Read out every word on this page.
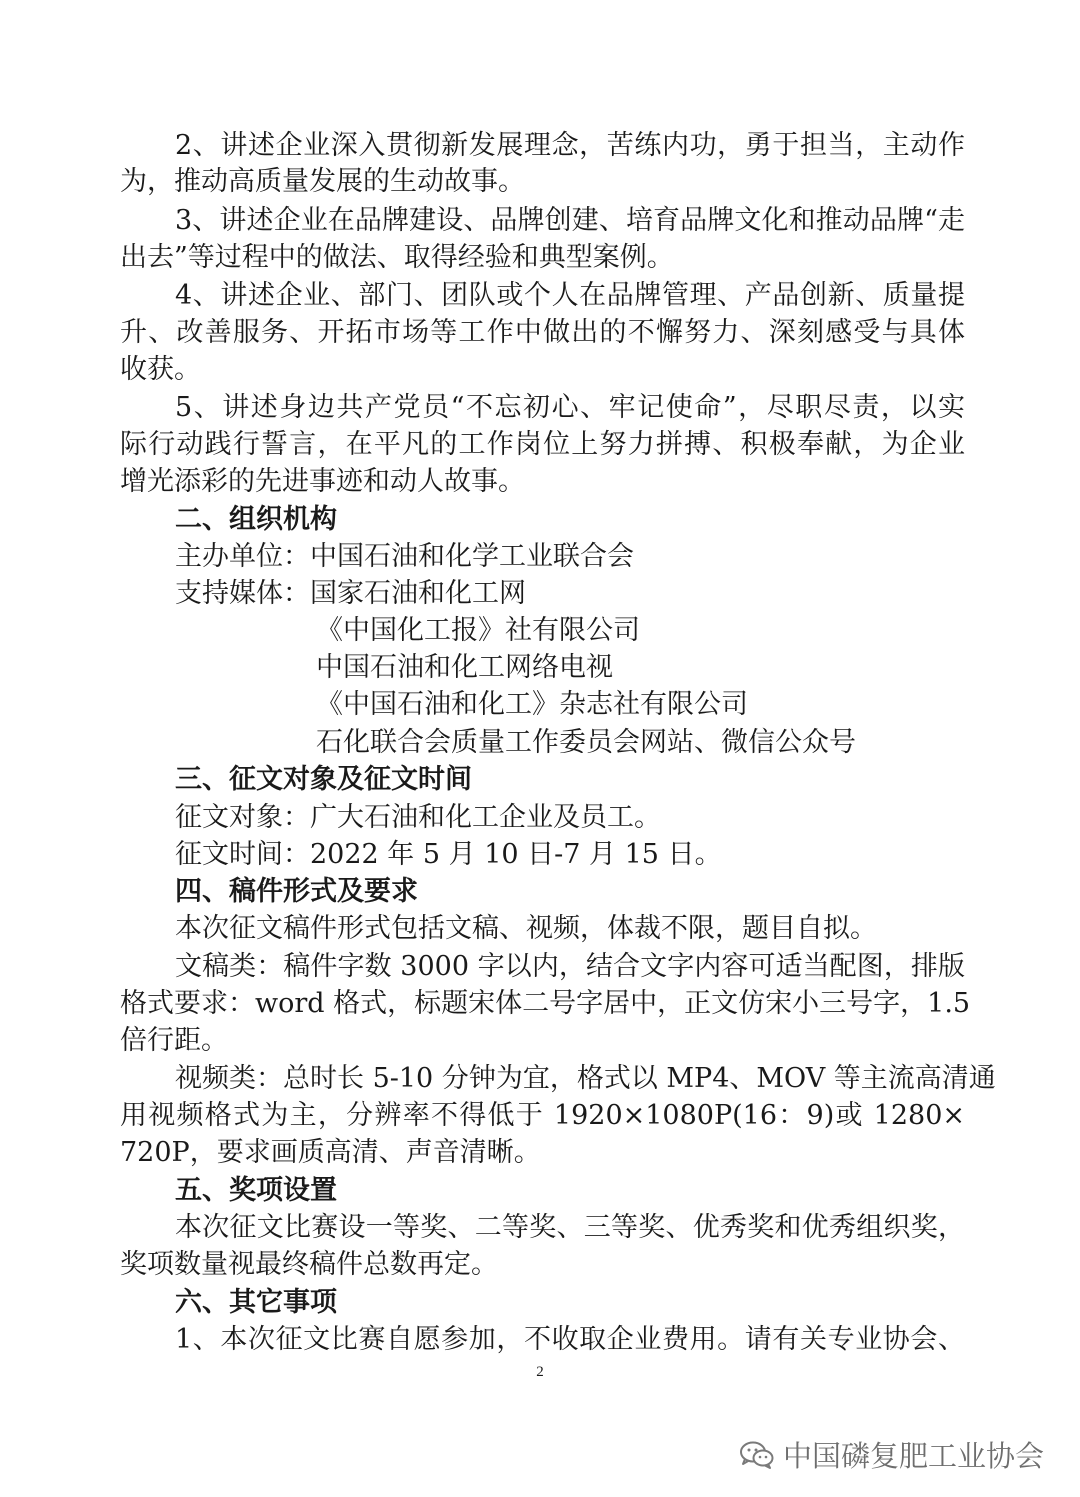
2、讲述企业深入贯彻新发展理念，苦练内功，勇于担当，主动作
为，推动高质量发展的生动故事。
3、讲述企业在品牌建设、品牌创建、培育品牌文化和推动品牌“走
出去”等过程中的做法、取得经验和典型案例。
4、讲述企业、部门、团队或个人在品牌管理、产品创新、质量提
升、改善服务、开拓市场等工作中做出的不懈努力、深刻感受与具体
收获。
5、讲述身边共产党员“不忘初心、牢记使命”，尽职尽责，以实
际行动践行誓言，在平凡的工作岗位上努力拼搏、积极奉献，为企业
增光添彩的先进事迹和动人故事。
二、组织机构
主办单位：中国石油和化学工业联合会
支持媒体：国家石油和化工网
《中国化工报》社有限公司
中国石油和化工网络电视
《中国石油和化工》杂志社有限公司
石化联合会质量工作委员会网站、微信公众号
三、征文对象及征文时间
征文对象：广大石油和化工企业及员工。
征文时间：2022 年 5 月 10 日-7 月 15 日。
四、稿件形式及要求
本次征文稿件形式包括文稿、视频，体裁不限，题目自拟。
文稿类：稿件字数 3000 字以内，结合文字内容可适当配图，排版
格式要求：word 格式，标题宋体二号字居中，正文仿宋小三号字，1.5
倍行距。
视频类：总时长 5-10 分钟为宜，格式以 MP4、MOV 等主流高清通
用视频格式为主，分辨率不得低于 1920×1080P(16：9)或 1280×
720P，要求画质高清、声音清晰。
五、奖项设置
本次征文比赛设一等奖、二等奖、三等奖、优秀奖和优秀组织奖，
奖项数量视最终稿件总数再定。
六、其它事项
1、本次征文比赛自愿参加，不收取企业费用。请有关专业协会、
2
中国磷复肥工业协会
